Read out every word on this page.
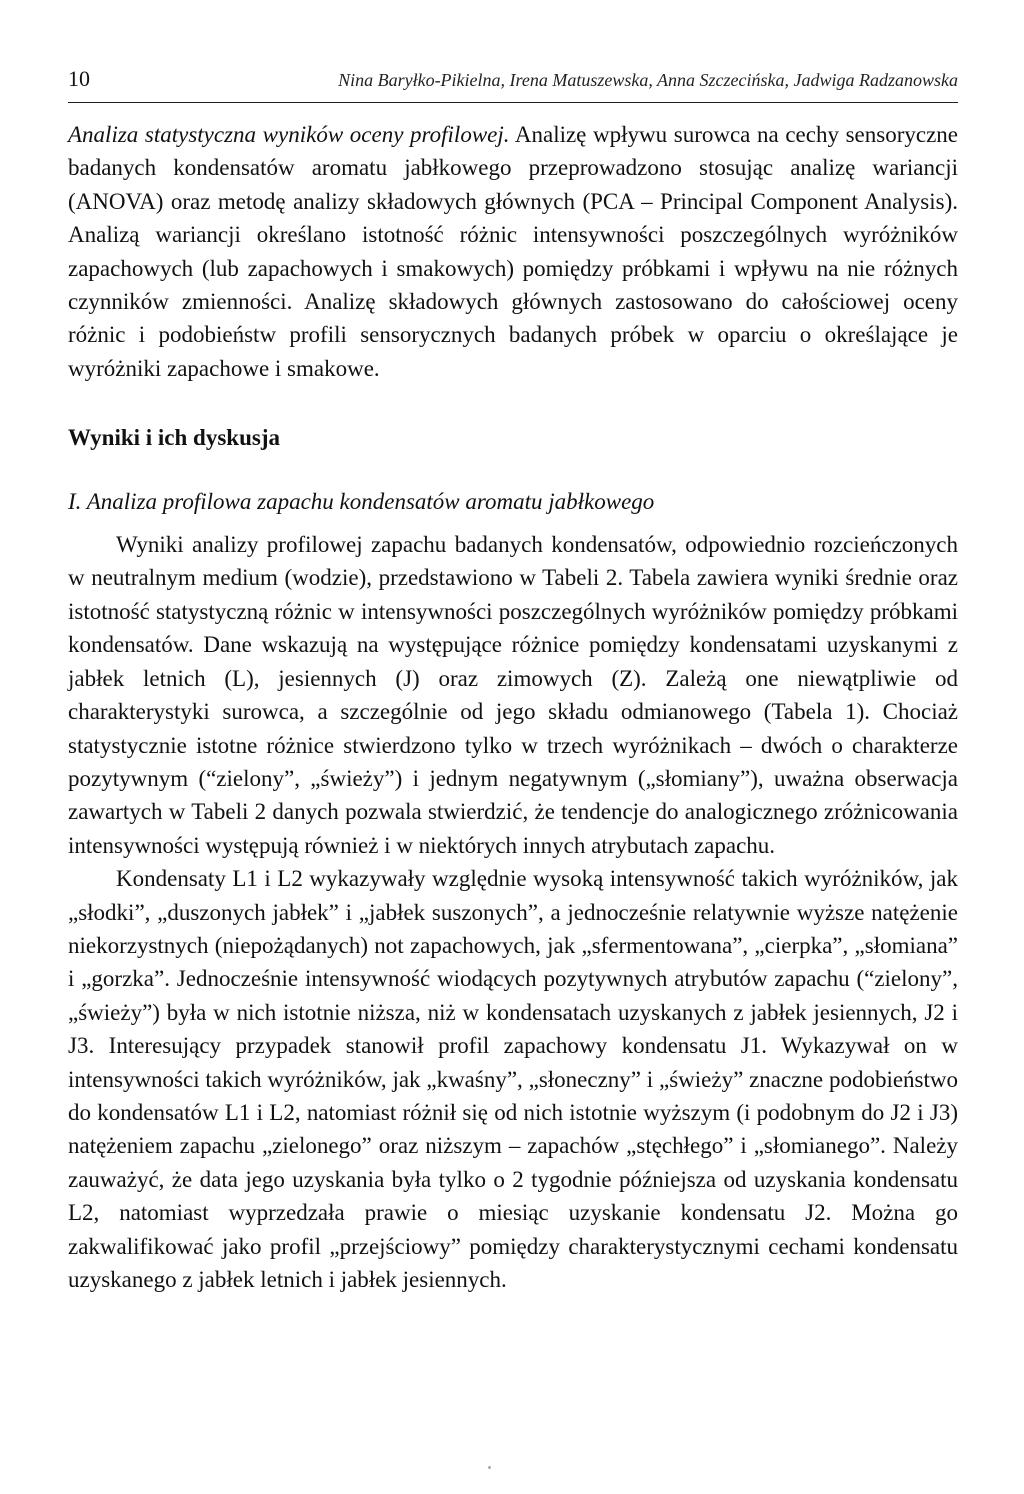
10	Nina Baryłko-Pikielna, Irena Matuszewska, Anna Szczecińska, Jadwiga Radzanowska

Analiza statystyczna wyników oceny profilowej. Analizę wpływu surowca na cechy sensoryczne badanych kondensatów aromatu jabłkowego przeprowadzono stosując analizę wariancji (ANOVA) oraz metodę analizy składowych głównych (PCA – Principal Component Analysis). Analizą wariancji określano istotność różnic intensywności poszczególnych wyróżników zapachowych (lub zapachowych i smakowych) pomiędzy próbkami i wpływu na nie różnych czynników zmienności. Analizę składowych głównych zastosowano do całościowej oceny różnic i podobieństw profili sensorycznych badanych próbek w oparciu o określające je wyróżniki zapachowe i smakowe.

Wyniki i ich dyskusja

I. Analiza profilowa zapachu kondensatów aromatu jabłkowego

Wyniki analizy profilowej zapachu badanych kondensatów, odpowiednio rozcieńczonych w neutralnym medium (wodzie), przedstawiono w Tabeli 2. Tabela zawiera wyniki średnie oraz istotność statystyczną różnic w intensywności poszczególnych wyróżników pomiędzy próbkami kondensatów. Dane wskazują na występujące różnice pomiędzy kondensatami uzyskanymi z jabłek letnich (L), jesiennych (J) oraz zimowych (Z). Zależą one niewątpliwie od charakterystyki surowca, a szczególnie od jego składu odmianowego (Tabela 1). Chociaż statystycznie istotne różnice stwierdzono tylko w trzech wyróżnikach – dwóch o charakterze pozytywnym (“zielony”, „świeży”) i jednym negatywnym („słomiany”), uważna obserwacja zawartych w Tabeli 2 danych pozwala stwierdzić, że tendencje do analogicznego zróżnicowania intensywności występują również i w niektórych innych atrybutach zapachu.

Kondensaty L1 i L2 wykazywały względnie wysoką intensywność takich wyróżników, jak „słodki”, „duszonych jabłek” i „jabłek suszonych”, a jednocześnie relatywnie wyższe natężenie niekorzystnych (niepożądanych) not zapachowych, jak „sfermentowana”, „cierpka”, „słomiana” i „gorzka”. Jednocześnie intensywność wiodących pozytywnych atrybutów zapachu (“zielony”, „świeży”) była w nich istotnie niższa, niż w kondensatach uzyskanych z jabłek jesiennych, J2 i J3. Interesujący przypadek stanowił profil zapachowy kondensatu J1. Wykazywał on w intensywności takich wyróżników, jak „kwaśny”, „słoneczny” i „świeży” znaczne podobieństwo do kondensatów L1 i L2, natomiast różnił się od nich istotnie wyższym (i podobnym do J2 i J3) natężeniem zapachu „zielonego” oraz niższym – zapachów „stęchłego” i „słomianego”. Należy zauważyć, że data jego uzyskania była tylko o 2 tygodnie późniejsza od uzyskania kondensatu L2, natomiast wyprzedzała prawie o miesiąc uzyskanie kondensatu J2. Można go zakwalifikować jako profil „przejściowy” pomiędzy charakterystycznymi cechami kondensatu uzyskanego z jabłek letnich i jabłek jesiennych.
